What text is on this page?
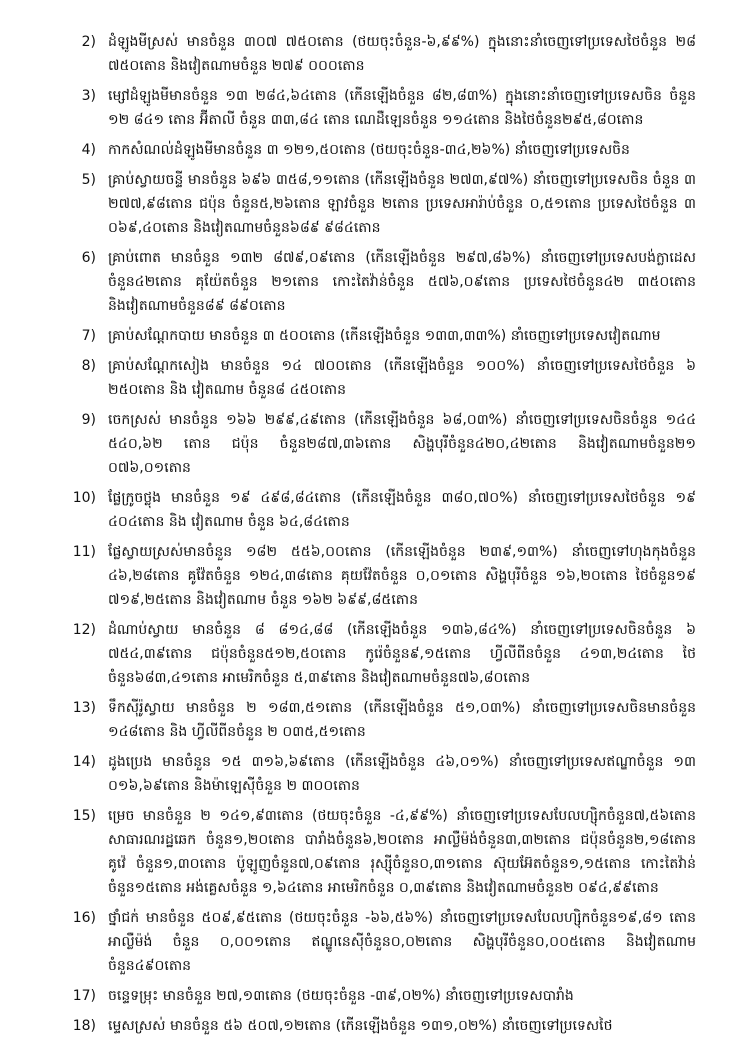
2) ដំឡូងមីស្រស់ មានចំនួន ៣០៧ ៧៥០តោន (ថយចុះចំនួន-៦,៩៩%) ក្នុងនោះនាំចេញទៅប្រទេសថៃចំនួន ២៨ ៧៥០តោន និងវៀតណាមចំនួន ២៧៩ ០០០តោន
3) ម្សៅដំឡូងមីមានចំនួន ១៣ ២៨៤,៦៤តោន (កើនឡើងចំនួន ៨២,៨៣%) ក្នុងនោះនាំចេញទៅប្រទេសចិន ចំនួន ១២ ៨៤១ តោន អ៊ីតាលី ចំនួន ៣៣,៨៤ តោន ណេដឺឡេនចំនួន ១១៤តោន និងថៃចំនួន២៩៥,៨០តោន
4) កាកសំណល់ដំឡូងមីមានចំនួន ៣ ១២១,៥០តោន (ថយចុះចំនួន-៣៤,២៦%) នាំចេញទៅប្រទេសចិន
5) គ្រាប់ស្វាយចន្ទី មានចំនួន ៦៩៦ ៣៥៨,១១តោន (កើនឡើងចំនួន ២៧៣,៩៧%) នាំចេញទៅប្រទេសចិន ចំនួន ៣ ២៧៧,៩៨តោន ជប៉ុន ចំនួន៥,២៦តោន ឡាវចំនួន ២តោន ប្រទេសអារ៉ាប់ចំនួន ០,៥១តោន ប្រទេសថៃចំនួន ៣ ០៦៩,៤០តោន និងវៀតណាមចំនួន៦៨៩ ៩៨៤តោន
6) គ្រាប់ពោត មានចំនួន ១៣២ ៨៧៩,០៩តោន (កើនឡើងចំនួន ២៩៧,៨៦%) នាំចេញទៅប្រទេសបង់ក្លាដេស ចំនួន៤២តោន គុយ៉ែតចំនួន ២១តោន កោះតៃវ៉ាន់ចំនួន ៥៧៦,០៩តោន ប្រទេសថៃចំនួន៤២ ៣៥០តោន និងវៀតណាមចំនួន៨៩ ៨៩០តោន
7) គ្រាប់សណ្ដែកបាយ មានចំនួន ៣ ៥០០តោន (កើនឡើងចំនួន ១៣៣,៣៣%) នាំចេញទៅប្រទេសវៀតណាម
8) គ្រាប់សណ្ដែកសៀង មានចំនួន ១៤ ៧០០តោន (កើនឡើងចំនួន ១០០%) នាំចេញទៅប្រទេសថៃចំនួន ៦ ២៥០តោន និង វៀតណាម ចំនួន៨ ៤៥០តោន
9) ចេកស្រស់ មានចំនួន ១៦៦ ២៩៩,៤៩តោន (កើនឡើងចំនួន ៦៨,០៣%) នាំចេញទៅប្រទេសចិនចំនួន ១៤៤ ៥៤០,៦២ តោន ជប៉ុន ចំនួន២៨៧,៣៦តោន សិង្ហបុរីចំនួន៤២០,៤២តោន និងវៀតណាមចំនួន២១ ០៧៦,០១តោន
10) ផ្លែក្រូចថ្លុង មានចំនួន ១៩ ៤៩៨,៨៤តោន (កើនឡើងចំនួន ៣៨០,៧០%) នាំចេញទៅប្រទេសថៃចំនួន ១៩ ៤០៤តោន និង វៀតណាម ចំនួន ៦៤,៨៤តោន
11) ផ្លែស្វាយស្រស់មានចំនួន ១៨២ ៥៥៦,០០តោន (កើនឡើងចំនួន ២៣៩,១៣%) នាំចេញទៅហុងកុងចំនួន ៤៦,២៨តោន គូវ៉ែតចំនួន ១២៤,៣៨តោន គុយវ៉ែតចំនួន ០,០១តោន សិង្ហបុរីចំនួន ១៦,២០តោន ថៃចំនួន១៩ ៧១៩,២៥តោន និងវៀតណាម ចំនួន ១៦២ ៦៩៩,៨៥តោន
12) ដំណាប់ស្វាយ មានចំនួន ៨ ៨១៤,៨៨ (កើនឡើងចំនួន ១៣៦,៨៤%) នាំចេញទៅប្រទេសចិនចំនួន ៦ ៧៥៤,៣៩តោន ជប៉ុនចំនួន៥១២,៥០តោន កូរ៉េចំនួន៩,១៥តោន ហ្វីលីពីនចំនួន ៤១៣,២៤តោន ថៃចំនួន៦៨៣,៤១តោន អាមេរិកចំនួន ៥,៣៩តោន និងវៀតណាមចំនួន៧៦,៨០តោន
13) ទឹកស៊ីរ៉ូស្វាយ មានចំនួន ២ ១៨៣,៥១តោន (កើនឡើងចំនួន ៥១,០៣%) នាំចេញទៅប្រទេសចិនមានចំនួន ១៤៨តោន និង ហ្វីលីពីនចំនួន ២ ០៣៥,៥១តោន
14) ដូងប្រេង មានចំនួន ១៥ ៣១៦,៦៩តោន (កើនឡើងចំនួន ៤៦,០១%) នាំចេញទៅប្រទេសឥណ្ឌាចំនួន ១៣ ០១៦,៦៩តោន និងម៉ាឡេស៊ីចំនួន ២ ៣០០តោន
15) ម្រេច មានចំនួន ២ ១៤១,៩៣តោន (ថយចុះចំនួន -៤,៩៩%) នាំចេញទៅប្រទេសបែលហ្ស៊ិកចំនួន៧,៥៦តោន សាធារណរដ្ឋឆេក ចំនួន១,២០តោន បារាំងចំនួន៦,២០តោន អាល្លឺម៉ង់ចំនួន៣,៣២តោន ជប៉ុនចំនួន២,១៨តោន គូវ៉េ ចំនួន១,៣០តោន ប៉ូឡូញចំនួន៧,០៩តោន រុស្ស៊ីចំនួន០,៣១តោន ស៊ុយអ៊ែតចំនួន១,១៥តោន កោះតៃវ៉ាន់ចំនួន១៥តោន អង់គ្លេសចំនួន ១,៦៤តោន អាមេរិកចំនួន ០,៣៩តោន និងវៀតណាមចំនួន២ ០៩៤,៩៩តោន
16) ថ្នាំជក់ មានចំនួន ៥០៩,៩៥តោន (ថយចុះចំនួន -៦៦,៥៦%) នាំចេញទៅប្រទេសបែលហ្ស៊ិកចំនួន១៩,៨១ តោន អាល្លឺម៉ង់ ចំនួន ០,០០១តោន ឥណ្ឌូនេស៊ីចំនួន០,០២តោន សិង្ហបុរីចំនួន០,០០៥តោន និងវៀតណាមចំនួន៤៩០តោន
17) ចន្ទេទម្រុះ មានចំនួន ២៧,១៣តោន (ថយចុះចំនួន -៣៩,០២%) នាំចេញទៅប្រទេសបារាំង
18) ម្ទេសស្រស់ មានចំនួន ៥៦ ៥០៧,១២តោន (កើនឡើងចំនួន ១៣១,០២%) នាំចេញទៅប្រទេសថៃ
